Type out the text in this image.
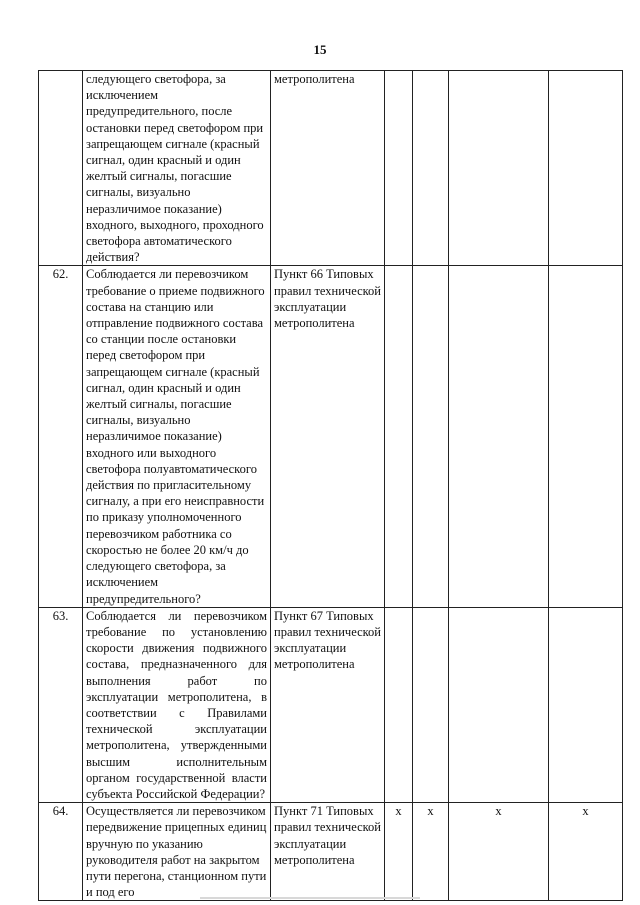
15
	следующего светофора, за исключением предупредительного, после остановки перед светофором при запрещающем сигнале (красный сигнал, один красный и один желтый сигналы, погасшие сигналы, визуально неразличимое показание) входного, выходного, проходного светофора автоматического действия?	метрополитена				
62.	Соблюдается ли перевозчиком требование о приеме подвижного состава на станцию или отправление подвижного состава со станции после остановки перед светофором при запрещающем сигнале (красный сигнал, один красный и один желтый сигналы, погасшие сигналы, визуально неразличимое показание) входного или выходного светофора полуавтоматического действия по пригласительному сигналу, а при его неисправности по приказу уполномоченного перевозчиком работника со скоростью не более 20 км/ч до следующего светофора, за исключением предупредительного?	Пункт 66 Типовых правил технической эксплуатации метрополитена				
63.	Соблюдается ли перевозчиком требование по установлению скорости движения подвижного состава, предназначенного для выполнения работ по эксплуатации метрополитена, в соответствии с Правилами технической эксплуатации метрополитена, утвержденными высшим исполнительным органом государственной власти субъекта Российской Федерации?	Пункт 67 Типовых правил технической эксплуатации метрополитена				
64.	Осуществляется ли перевозчиком передвижение прицепных единиц вручную по указанию руководителя работ на закрытом пути перегона, станционном пути и под его	Пункт 71 Типовых правил технической эксплуатации метрополитена	x	x	x	x
